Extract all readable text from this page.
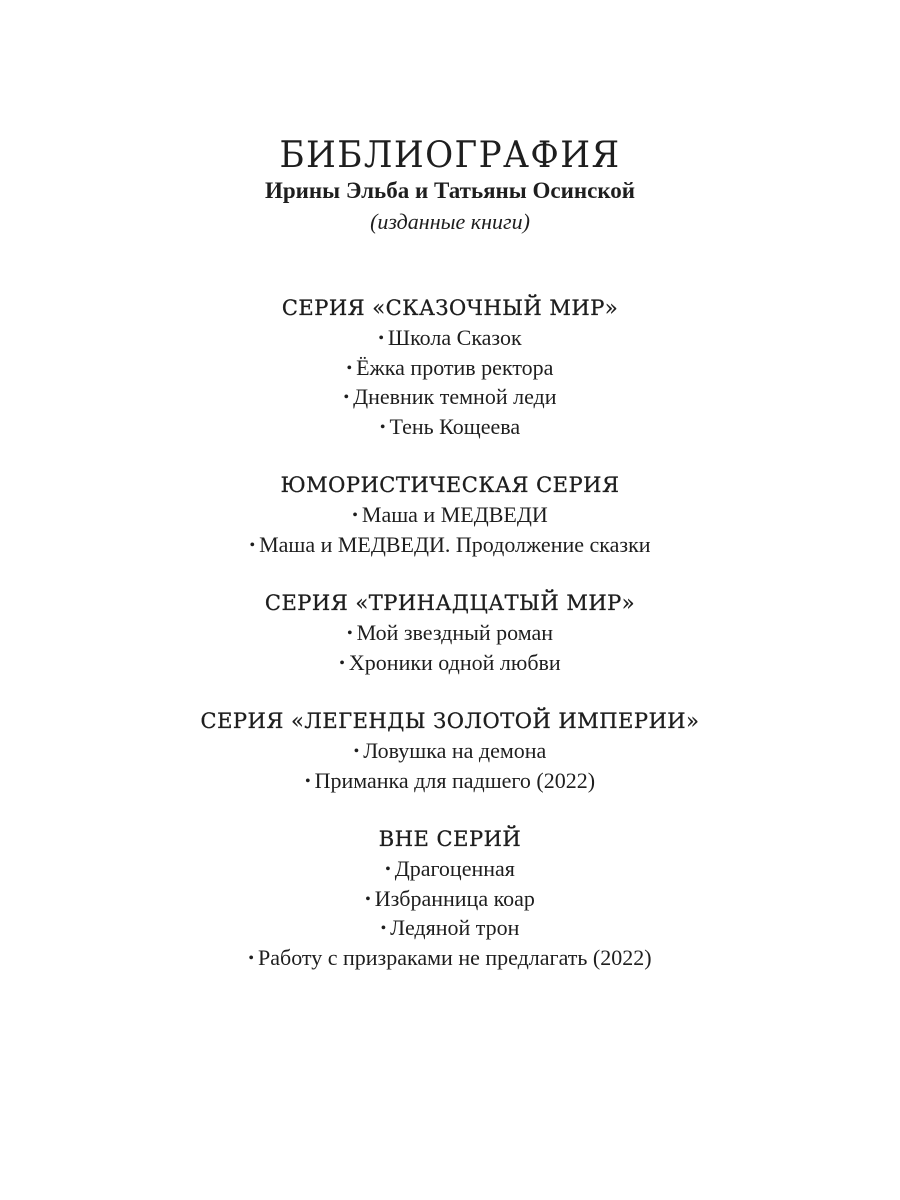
БИБЛИОГРАФИЯ
Ирины Эльба и Татьяны Осинской
(изданные книги)
СЕРИЯ «СКАЗОЧНЫЙ МИР»
• Школа Сказок
• Ёжка против ректора
• Дневник темной леди
• Тень Кощеева
ЮМОРИСТИЧЕСКАЯ СЕРИЯ
• Маша и МЕДВЕДИ
• Маша и МЕДВЕДИ. Продолжение сказки
СЕРИЯ «ТРИНАДЦАТЫЙ МИР»
• Мой звездный роман
• Хроники одной любви
СЕРИЯ «ЛЕГЕНДЫ ЗОЛОТОЙ ИМПЕРИИ»
• Ловушка на демона
• Приманка для падшего (2022)
ВНЕ СЕРИЙ
• Драгоценная
• Избранница коар
• Ледяной трон
• Работу с призраками не предлагать (2022)
